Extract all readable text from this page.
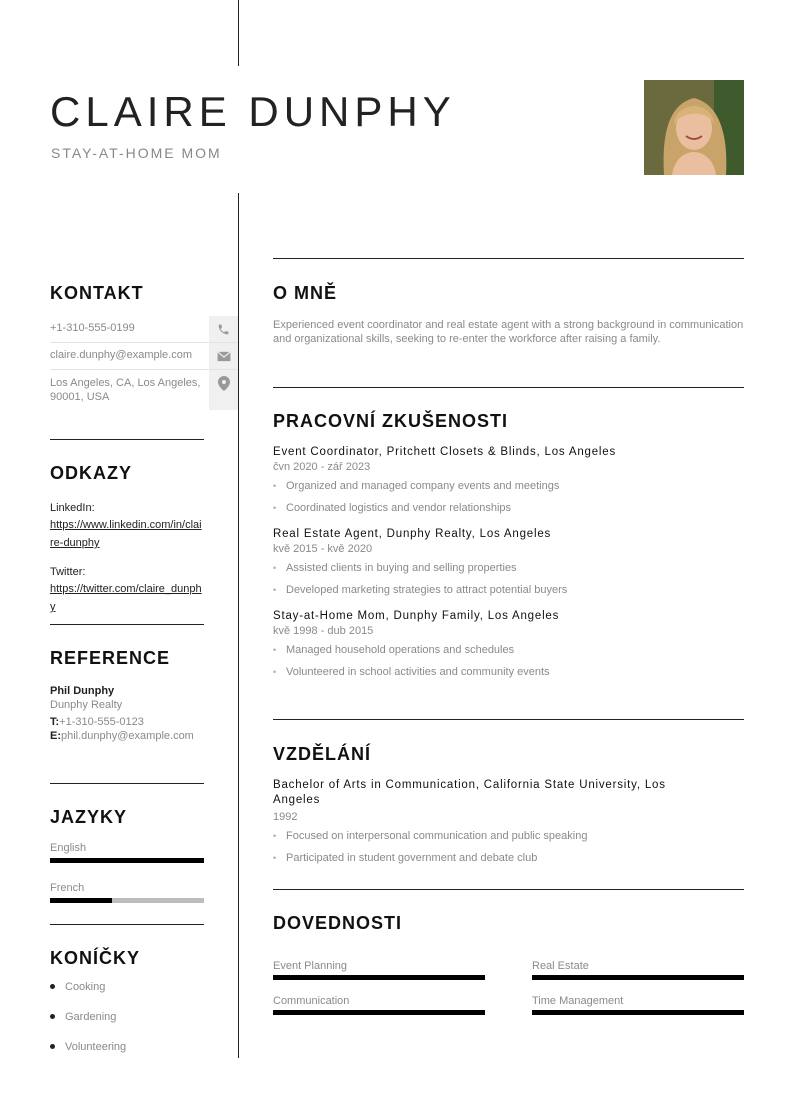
CLAIRE DUNPHY
STAY-AT-HOME MOM
KONTAKT
+1-310-555-0199
claire.dunphy@example.com
Los Angeles, CA, Los Angeles, 90001, USA
ODKAZY
LinkedIn:
https://www.linkedin.com/in/claire-dunphy
Twitter:
https://twitter.com/claire_dunphy
REFERENCE
Phil Dunphy
Dunphy Realty
T: +1-310-555-0123
E: phil.dunphy@example.com
JAZYKY
English
French
KONÍČKY
Cooking
Gardening
Volunteering
O MNĚ
Experienced event coordinator and real estate agent with a strong background in communication and organizational skills, seeking to re-enter the workforce after raising a family.
PRACOVNÍ ZKUŠENOSTI
Event Coordinator, Pritchett Closets & Blinds, Los Angeles
čvn 2020 - zář 2023
• Organized and managed company events and meetings
• Coordinated logistics and vendor relationships
Real Estate Agent, Dunphy Realty, Los Angeles
kvě 2015 - kvě 2020
• Assisted clients in buying and selling properties
• Developed marketing strategies to attract potential buyers
Stay-at-Home Mom, Dunphy Family, Los Angeles
kvě 1998 - dub 2015
• Managed household operations and schedules
• Volunteered in school activities and community events
VZDĚLÁNÍ
Bachelor of Arts in Communication, California State University, Los Angeles
1992
• Focused on interpersonal communication and public speaking
• Participated in student government and debate club
DOVEDNOSTI
Event Planning	Real Estate
Communication	Time Management
